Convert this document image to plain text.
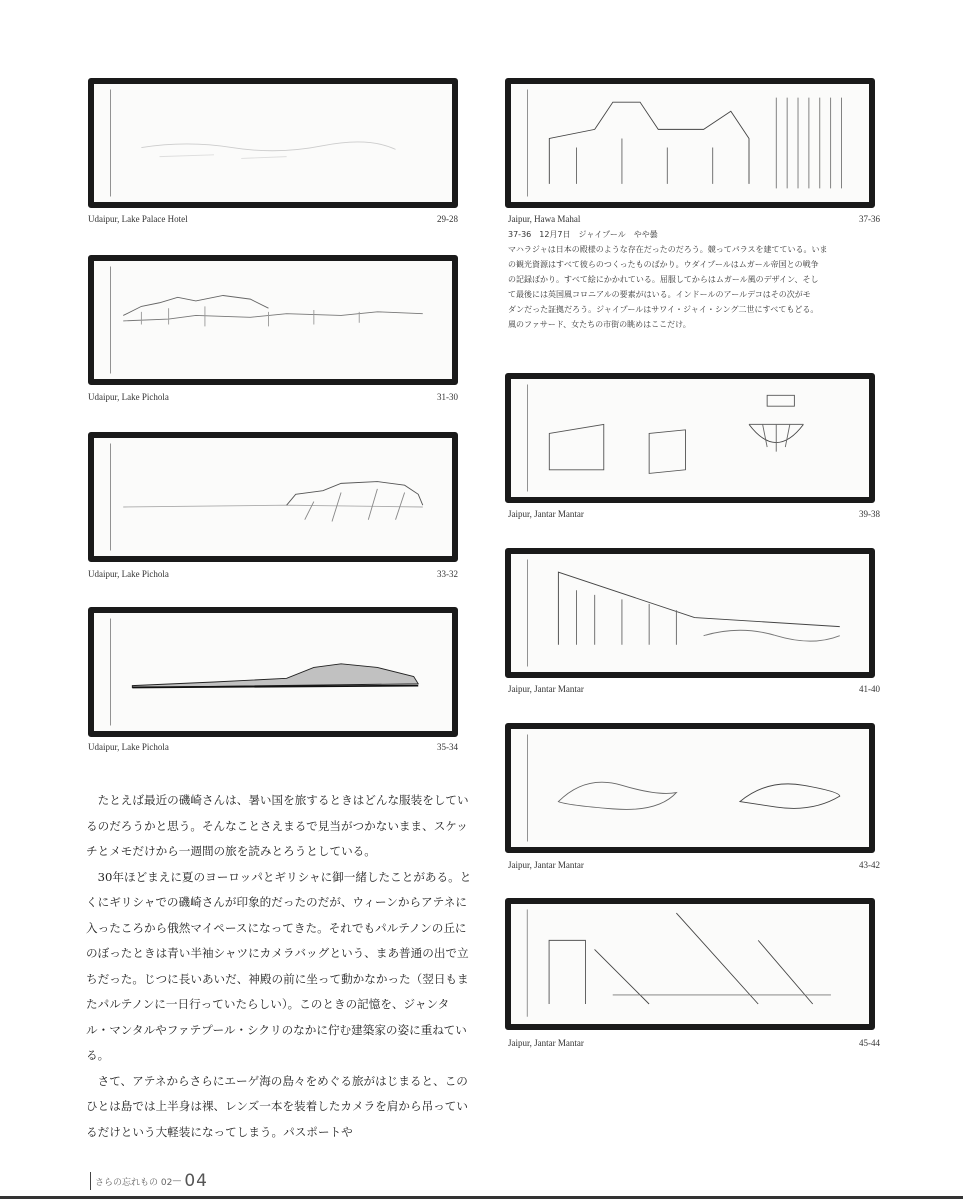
Udaipur, Lake Palace Hotel	29-28
Udaipur, Lake Pichola	31-30
Udaipur, Lake Pichola	33-32
Udaipur, Lake Pichola	35-34
Jaipur, Hawa Mahal	37-36
37-36　12月7日　ジャイプール　やや曇
マハラジャは日本の殿様のような存在だったのだろう。競ってパラスを建てている。いま
の観光資源はすべて彼らのつくったものばかり。ウダイプールはムガール帝国との戦争
の記録ばかり。すべて絵にかかれている。屈服してからはムガール風のデザイン、そし
て最後には英国風コロニアルの要素がはいる。インドールのアールデコはその次がモ
ダンだった証拠だろう。ジャイプールはサワイ・ジャイ・シング二世にすべてもどる。
風のファサード、女たちの市街の眺めはここだけ。
Jaipur, Jantar Mantar	39-38
Jaipur, Jantar Mantar	41-40
Jaipur, Jantar Mantar	43-42
Jaipur, Jantar Mantar	45-44

たとえば最近の磯崎さんは、暑い国を旅するときはどんな服装をしているのだろうかと思う。そんなことさえまるで見当がつかないまま、スケッチとメモだけから一週間の旅を読みとろうとしている。

30年ほどまえに夏のヨーロッパとギリシャに御一緒したことがある。とくにギリシャでの磯崎さんが印象的だったのだが、ウィーンからアテネに入ったころから俄然マイペースになってきた。それでもパルテノンの丘にのぼったときは青い半袖シャツにカメラバッグという、まあ普通の出で立ちだった。じつに長いあいだ、神殿の前に坐って動かなかった（翌日もまたパルテノンに一日行っていたらしい）。このときの記憶を、ジャンタル・マンタルやファテプール・シクリのなかに佇む建築家の姿に重ねている。

さて、アテネからさらにエーゲ海の島々をめぐる旅がはじまると、このひとは島では上半身は裸、レンズ一本を装着したカメラを肩から吊っているだけという大軽装になってしまう。パスポートや

さらの忘れもの 02 — 04
